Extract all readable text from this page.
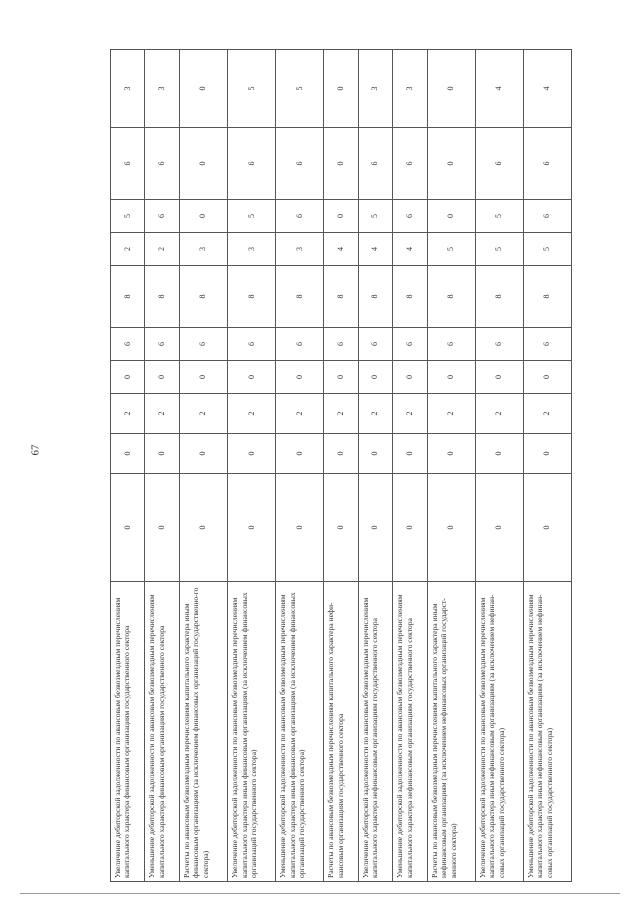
67
Увеличение дебиторской задолженности по авансовым безвозмездным перечислениям капитального характера финансовым организациям государственного сектора	0	0	2	0	6	8	2	5	6	3
Уменьшение дебиторской задолженности по авансовым безвозмездным перечислениям капитального характера финансовым организациям государственного сектора	0	0	2	0	6	8	2	6	6	3
Расчеты по авансовым безвозмездным перечислениям капитального характера иным финансовым организациям (за исключением финансовых организаций государственно-го сектора)	0	0	2	0	6	8	3	0	0	0
Увеличение дебиторской задолженности по авансовым безвозмездным перечислениям капитального характера иным финансовым организациям (за исключением финансовых организаций государственного сектора)	0	0	2	0	6	8	3	5	6	5
Уменьшение дебиторской задолженности по авансовым безвозмездным перечислениям капитального характера иным финансовым организациям (за исключением финансовых организаций государственного сектора)	0	0	2	0	6	8	3	6	6	5
Расчеты по авансовым безвозмездным перечислениям капитального характера нефи-нансовым организациям государственного сектора	0	0	2	0	6	8	4	0	0	0
Увеличение дебиторской задолженности по авансовым безвозмездным перечислениям капитального характера нефинансовым организациям государственного сектора	0	0	2	0	6	8	4	5	6	3
Уменьшение дебиторской задолженности по авансовым безвозмездным перечислениям капитального характера нефинансовым организациям государственного сектора	0	0	2	0	6	8	4	6	6	3
Расчеты по авансовым безвозмездным перечислениям капитального характера иным нефинансовым организациям (за исключением нефинансовых организаций государст-венного сектора)	0	0	2	0	6	8	5	0	0	0
Увеличение дебиторской задолженности по авансовым безвозмездным перечислениям капитального характера иным нефинансовым организациям (за исключением нефинан-совых организаций государственного сектора)	0	0	2	0	6	8	5	5	6	4
Уменьшение дебиторской задолженности по авансовым безвозмездным перечислениям капитального характера иным нефинансовым организациям (за исключением нефинан-совых организаций государственного сектора)	0	0	2	0	6	8	5	6	6	4
